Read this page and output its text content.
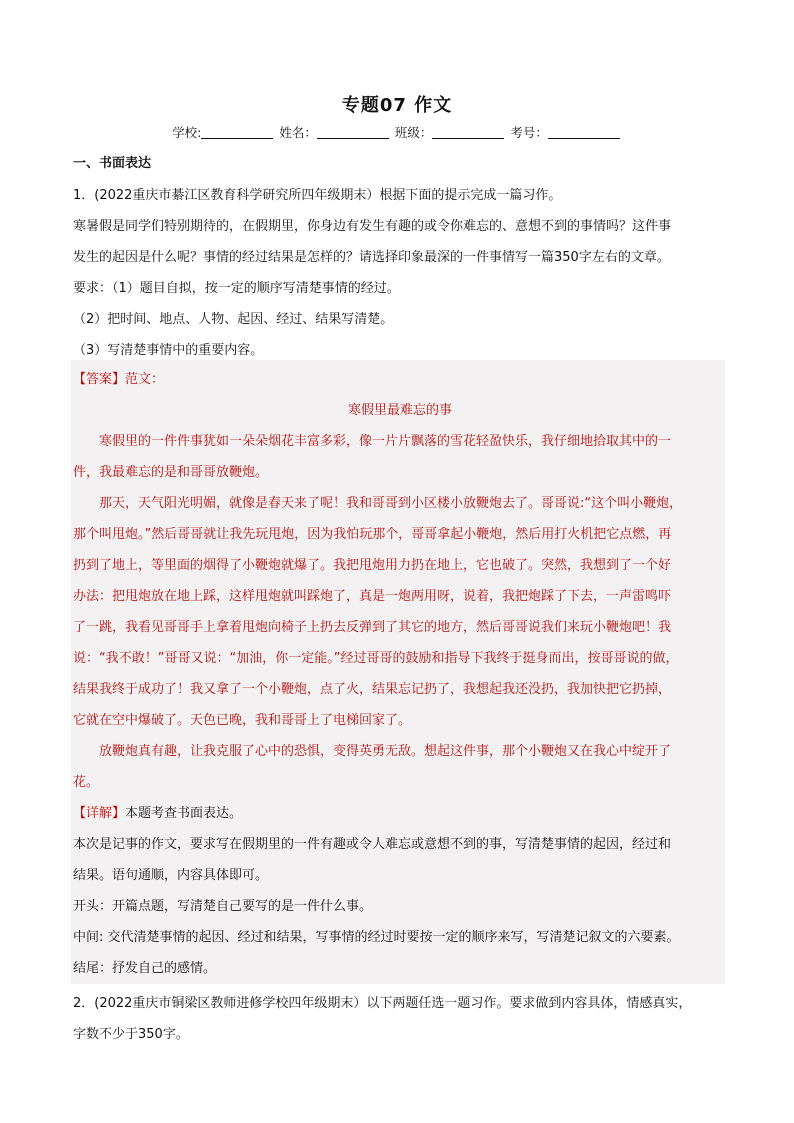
专题07 作文
学校:	姓名：	班级：	考号：
一、书面表达
1．(2022重庆市綦江区教育科学研究所四年级期末）根据下面的提示完成一篇习作。
寒暑假是同学们特别期待的，在假期里，你身边有发生有趣的或令你难忘的、意想不到的事情吗？这件事
发生的起因是什么呢？事情的经过结果是怎样的？请选择印象最深的一件事情写一篇350字左右的文章。
要求：（1）题目自拟，按一定的顺序写清楚事情的经过。
（2）把时间、地点、人物、起因、经过、结果写清楚。
（3）写清楚事情中的重要内容。
【答案】范文：
寒假里最难忘的事
寒假里的一件件事犹如一朵朵烟花丰富多彩，像一片片飘落的雪花轻盈快乐，我仔细地拾取其中的一
件，我最难忘的是和哥哥放鞭炮。
那天，天气阳光明媚，就像是春天来了呢！我和哥哥到小区楼小放鞭炮去了。哥哥说:“这个叫小鞭炮，
那个叫甩炮。”然后哥哥就让我先玩甩炮，因为我怕玩那个，哥哥拿起小鞭炮，然后用打火机把它点燃，再
扔到了地上，等里面的烟得了小鞭炮就爆了。我把甩炮用力扔在地上，它也破了。突然，我想到了一个好
办法：把甩炮放在地上踩，这样甩炮就叫踩炮了，真是一炮两用呀，说着，我把炮踩了下去，一声雷鸣吓
了一跳，我看见哥哥手上拿着甩炮向椅子上扔去反弹到了其它的地方，然后哥哥说我们来玩小鞭炮吧！我
说：“我不敢！”哥哥又说：“加油，你一定能。”经过哥哥的鼓励和指导下我终于挺身而出，按哥哥说的做，
结果我终于成功了！我又拿了一个小鞭炮，点了火，结果忘记扔了，我想起我还没扔，我加快把它扔掉，
它就在空中爆破了。天色已晚，我和哥哥上了电梯回家了。
放鞭炮真有趣，让我克服了心中的恐惧，变得英勇无敌。想起这件事，那个小鞭炮又在我心中绽开了
花。
【详解】本题考查书面表达。
本次是记事的作文，要求写在假期里的一件有趣或令人难忘或意想不到的事，写清楚事情的起因，经过和
结果。语句通顺，内容具体即可。
开头：开篇点题，写清楚自己要写的是一件什么事。
中间: 交代清楚事情的起因、经过和结果，写事情的经过时要按一定的顺序来写，写清楚记叙文的六要素。
结尾：抒发自己的感情。
2．(2022重庆市铜梁区教师进修学校四年级期末）以下两题任选一题习作。要求做到内容具体，情感真实，
字数不少于350字。
